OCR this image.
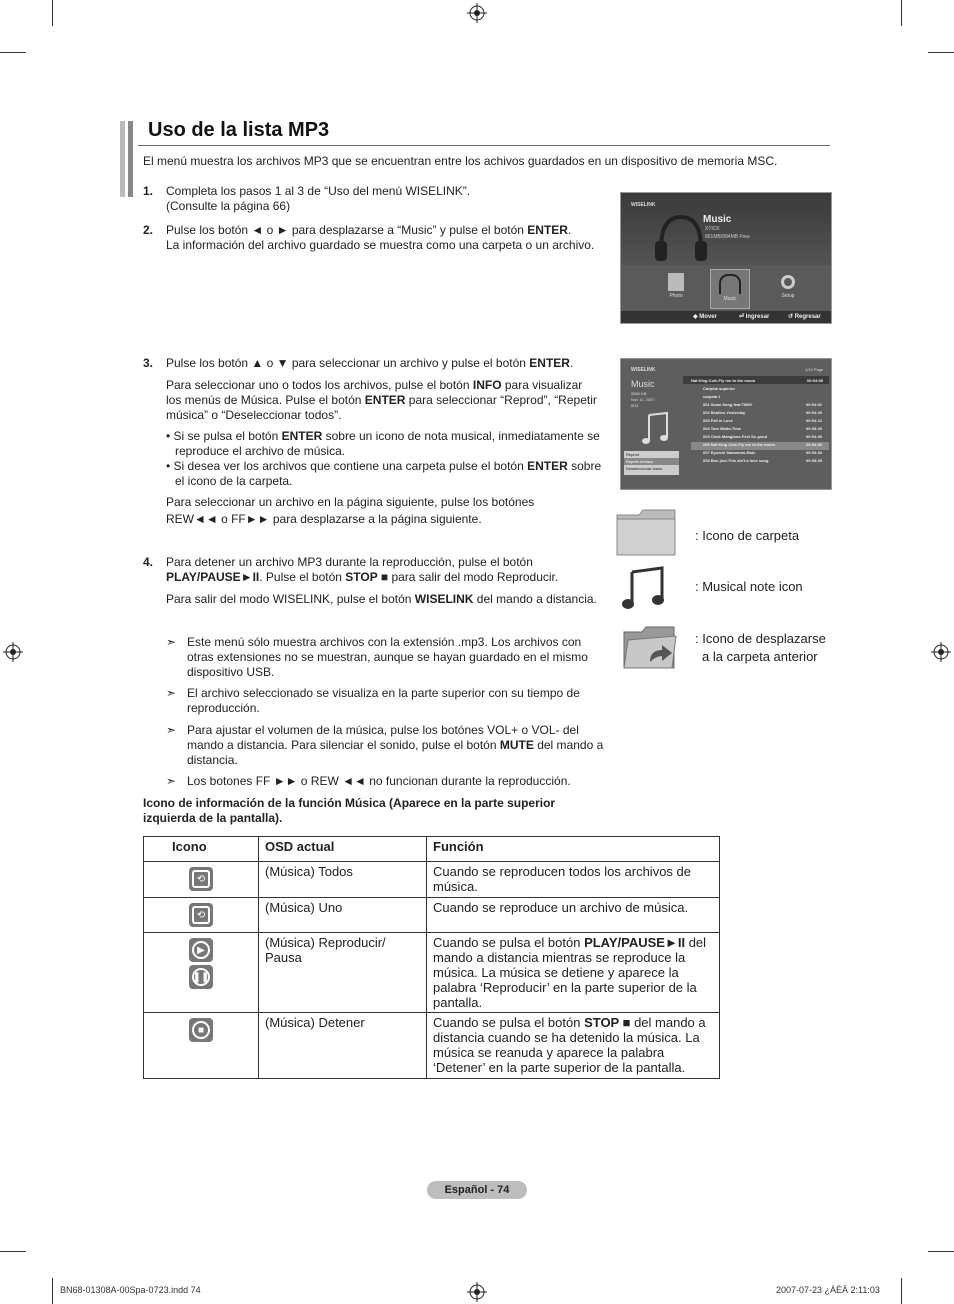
Uso de la lista MP3
El menú muestra los archivos MP3 que se encuentran entre los achivos guardados en un dispositivo de memoria MSC.
1. Completa los pasos 1 al 3 de “Uso del menú WISELINK”.
(Consulte la página 66)
2. Pulse los botón ◄ o ► para desplazarse a “Music” y pulse el botón ENTER.
La información del archivo guardado se muestra como una carpeta o un archivo.
WISELINK
Music
XTICK
861MB/994MB Free
Photo	Music	Setup
◆ Mover	⏎ Ingresar	↺ Regresar
3. Pulse los botón ▲ o ▼ para seleccionar un archivo y pulse el botón ENTER.
Para seleccionar uno o todos los archivos, pulse el botón INFO para visualizar
los menús de Música. Pulse el botón ENTER para seleccionar “Reprod”, “Repetir
música” o “Deseleccionar todos”.
• Si se pulsa el botón ENTER sobre un icono de nota musical, inmediatamente se
reproduce el archivo de música.
• Si desea ver los archivos que contiene una carpeta pulse el botón ENTER sobre
el icono de la carpeta.
Para seleccionar un archivo en la página siguiente, pulse los botónes
REW◄◄ o FF►► para desplazarse a la página siguiente.
WISELINK	1/10 Page
Nat King Cole-Fly me to the moon	00:04:09
Music
5550 KB
Nov 11, 2007
8/11
Reprod
Repetir música
Deseleccionar todos
Carpeta superior
carpeta 1
001 Swan Song feat.TBNY	00:04:01
002 Beatles-Yesterday	00:04:20
003 Fall in Love	00:04:12
004 Tom Waits-Time	00:05:20
005 Chuk Mangione-Feel So good	00:04:30
006 Nat King Cole-Fly me to the moon	00:04:30
007 Ryuichi Sakamoto-Rain	00:03:34
008 Bon jovi-This ain't a love song	00:05:25
: Icono de carpeta
: Musical note icon
: Icono de desplazarse
a la carpeta anterior
4. Para detener un archivo MP3 durante la reproducción, pulse el botón
PLAY/PAUSE►II. Pulse el botón STOP ■ para salir del modo Reproducir.
Para salir del modo WISELINK, pulse el botón WISELINK del mando a distancia.
➣ Este menú sólo muestra archivos con la extensión .mp3. Los archivos con
otras extensiones no se muestran, aunque se hayan guardado en el mismo
dispositivo USB.
➣ El archivo seleccionado se visualiza en la parte superior con su tiempo de
reproducción.
➣ Para ajustar el volumen de la música, pulse los botónes VOL+ o VOL- del
mando a distancia. Para silenciar el sonido, pulse el botón MUTE del mando a
distancia.
➣ Los botones FF ►► o REW ◄◄ no funcionan durante la reproducción.
Icono de información de la función Música (Aparece en la parte superior
izquierda de la pantalla).
Icono	OSD actual	Función

⟲	(Música) Todos	Cuando se reproducen todos los archivos de música.

⟲	(Música) Uno	Cuando se reproduce un archivo de música.

▶
❚❚	(Música) Reproducir/ Pausa	Cuando se pulsa el botón PLAY/PAUSE►II del mando a distancia mientras se reproduce la música. La música se detiene y aparece la palabra ‘Reproducir’ en la parte superior de la pantalla.

■	(Música) Detener	Cuando se pulsa el botón STOP ■ del mando a distancia cuando se ha detenido la música. La música se reanuda y aparece la palabra ‘Detener’ en la parte superior de la pantalla.
Español - 74
BN68-01308A-00Spa-0723.indd 74	2007-07-23 ¿ÀÈÄ 2:11:03
